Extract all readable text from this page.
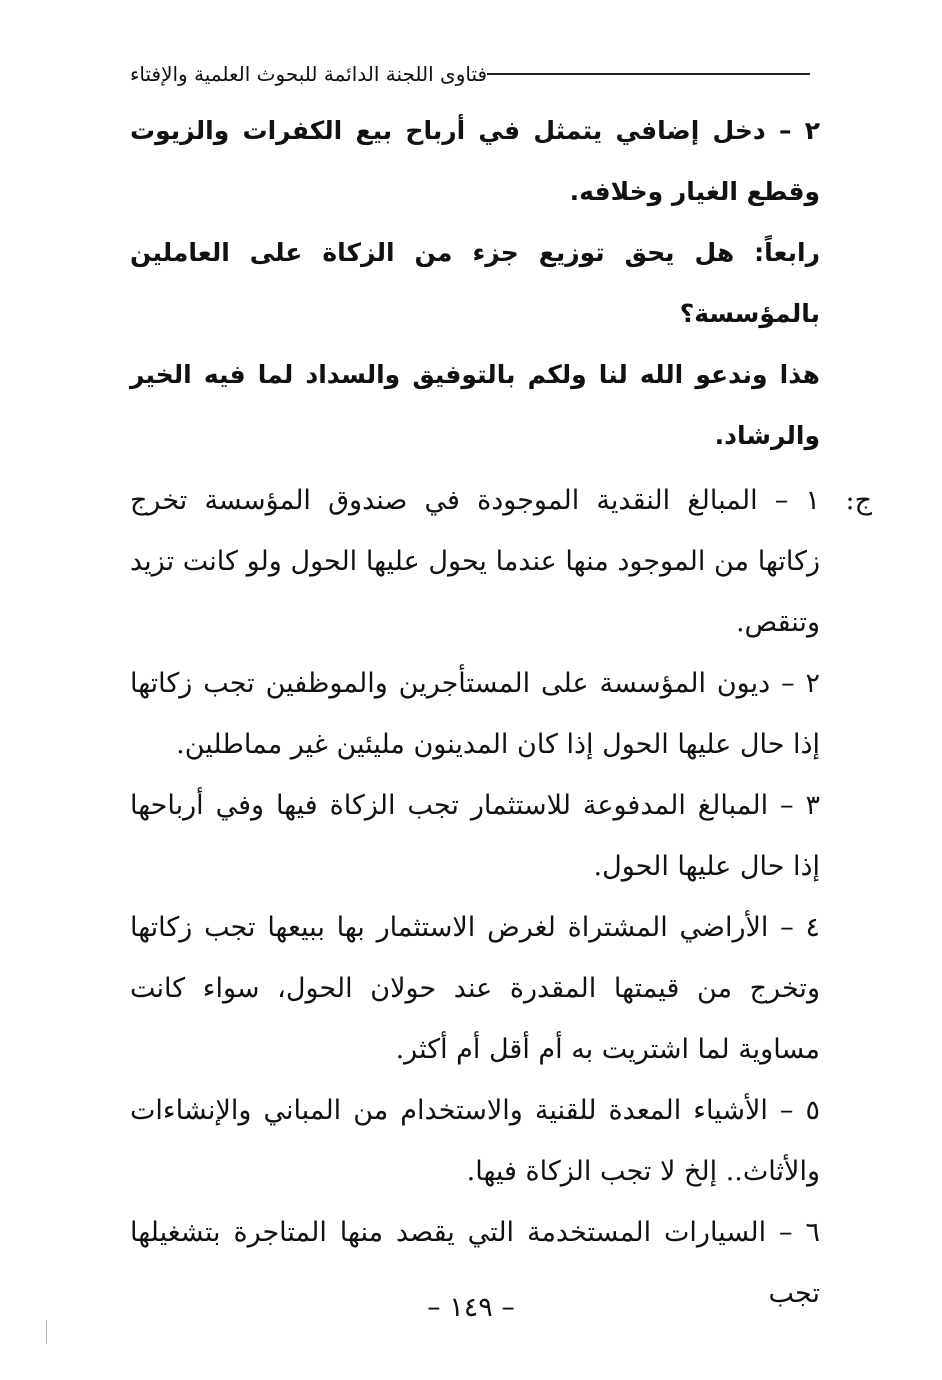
فتاوى اللجنة الدائمة للبحوث العلمية والإفتاء

٢ – دخل إضافي يتمثل في أرباح بيع الكفرات والزيوت وقطع الغيار وخلافه.

رابعاً: هل يحق توزيع جزء من الزكاة على العاملين بالمؤسسة؟

هذا وندعو الله لنا ولكم بالتوفيق والسداد لما فيه الخير والرشاد.

ج:
١ – المبالغ النقدية الموجودة في صندوق المؤسسة تخرج زكاتها من الموجود منها عندما يحول عليها الحول ولو كانت تزيد وتنقص.

٢ – ديون المؤسسة على المستأجرين والموظفين تجب زكاتها إذا حال عليها الحول إذا كان المدينون مليئين غير مماطلين.

٣ – المبالغ المدفوعة للاستثمار تجب الزكاة فيها وفي أرباحها إذا حال عليها الحول.

٤ – الأراضي المشتراة لغرض الاستثمار بها ببيعها تجب زكاتها وتخرج من قيمتها المقدرة عند حولان الحول، سواء كانت مساوية لما اشتريت به أم أقل أم أكثر.

٥ – الأشياء المعدة للقنية والاستخدام من المباني والإنشاءات والأثاث.. إلخ لا تجب الزكاة فيها.

٦ – السيارات المستخدمة التي يقصد منها المتاجرة بتشغيلها تجب

– ١٤٩ –
